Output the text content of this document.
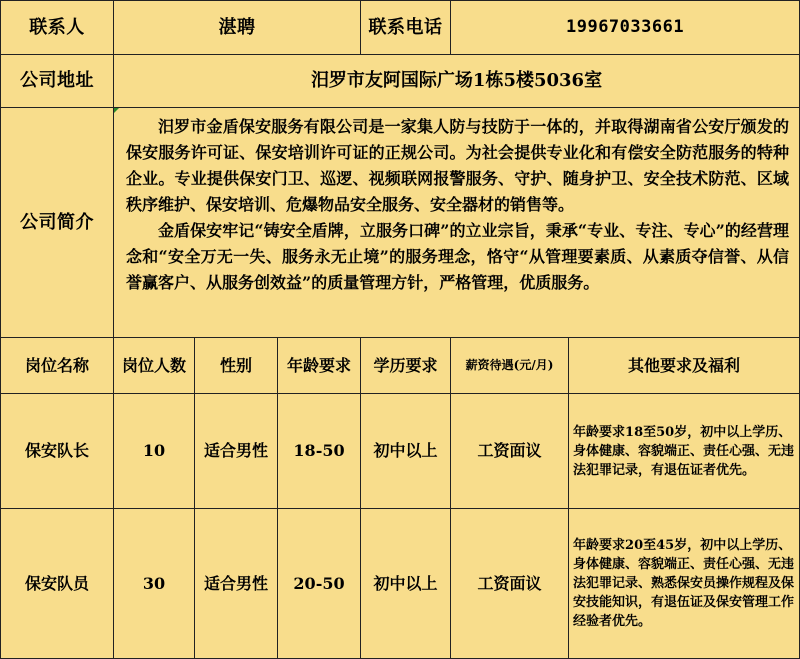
联系人	湛聘			联系电话	19967033661	
公司地址	汨罗市友阿国际广场1栋5楼5036室					
公司简介	汨罗市金盾保安服务有限公司是一家集人防与技防于一体的，并取得湖南省公安厅颁发的保安服务许可证、保安培训许可证的正规公司。为社会提供专业化和有偿安全防范服务的特种企业。专业提供保安门卫、巡逻、视频联网报警服务、守护、随身护卫、安全技术防范、区域秩序维护、保安培训、危爆物品安全服务、安全器材的销售等。

金盾保安牢记“铸安全盾牌，立服务口碑”的立业宗旨，秉承“专业、专注、专心”的经营理念和“安全万无一失、服务永无止境”的服务理念，恪守“从管理要素质、从素质夺信誉、从信誉赢客户、从服务创效益”的质量管理方针，严格管理，优质服务。					

岗位名称	岗位人数	性别	年龄要求	学历要求	薪资待遇(元/月)	其他要求及福利
保安队长	10	适合男性	18-50	初中以上	工资面议	年龄要求18至50岁，初中以上学历、身体健康、容貌端正、责任心强、无违法犯罪记录，有退伍证者优先。
保安队员	30	适合男性	20-50	初中以上	工资面议	年龄要求20至45岁，初中以上学历、身体健康、容貌端正、责任心强、无违法犯罪记录、熟悉保安员操作规程及保安技能知识，有退伍证及保安管理工作经验者优先。
